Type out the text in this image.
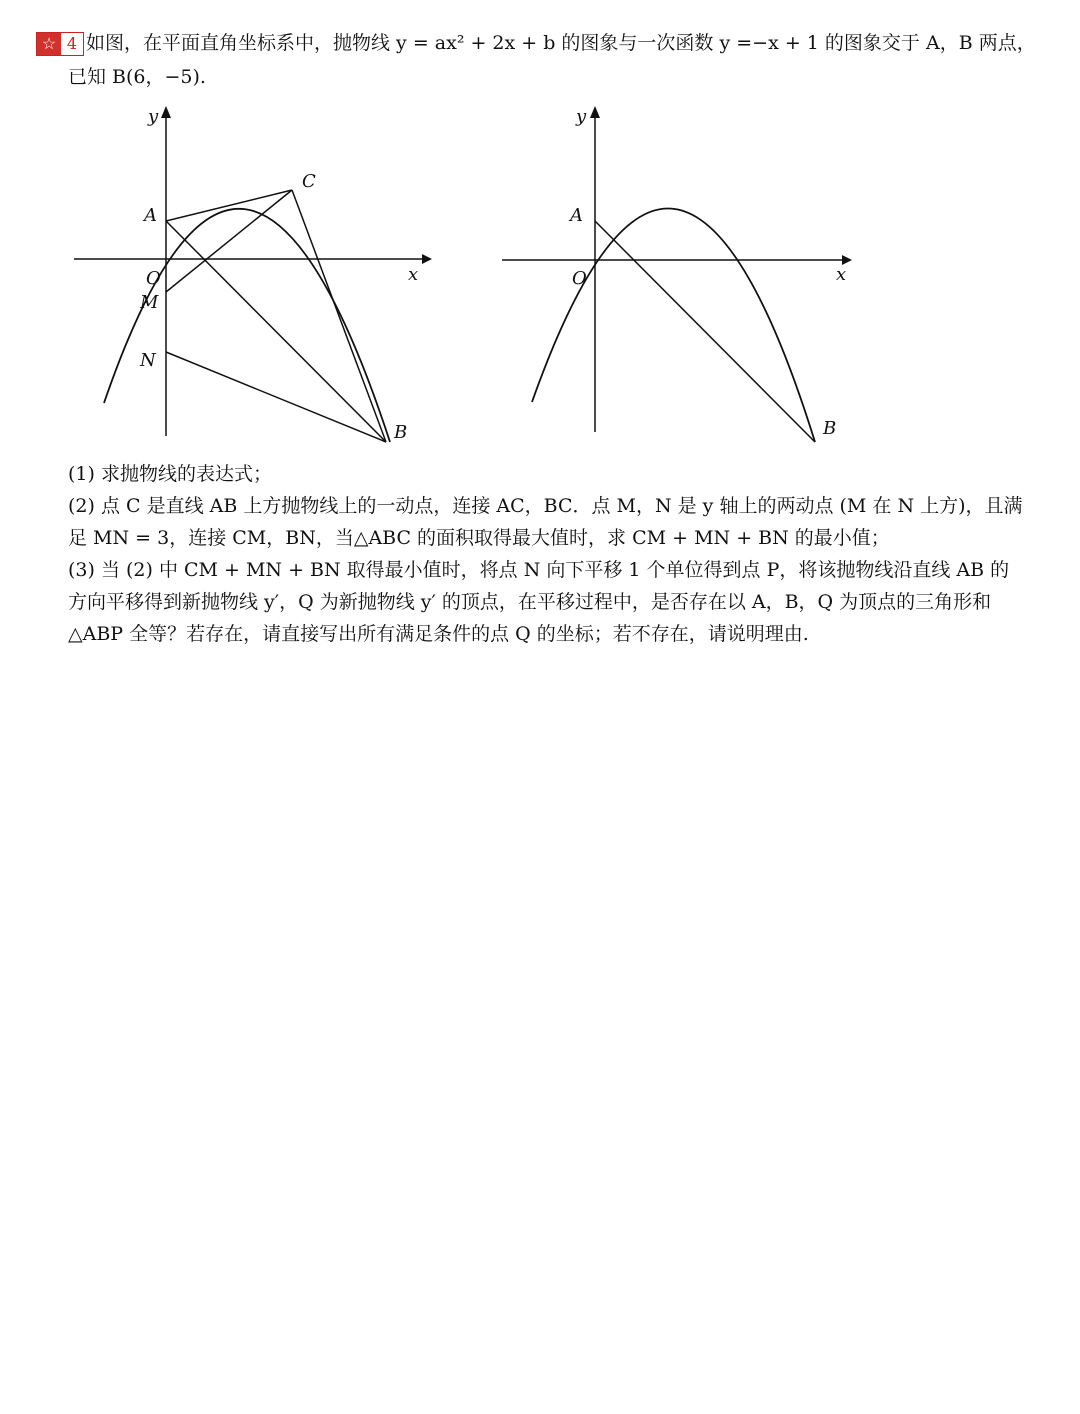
☆ 4 如图，在平面直角坐标系中，抛物线 y = ax² + 2x + b 的图象与一次函数 y =−x + 1 的图象交于 A，B 两点，
已知 B(6，−5).
y
x
O
A
C
M
N
B
y
x
O
A
B
(1) 求抛物线的表达式；
(2) 点 C 是直线 AB 上方抛物线上的一动点，连接 AC，BC．点 M，N 是 y 轴上的两动点 (M 在 N 上方)，且满足 MN = 3，连接 CM，BN，当△ABC 的面积取得最大值时，求 CM + MN + BN 的最小值；
(3) 当 (2) 中 CM + MN + BN 取得最小值时，将点 N 向下平移 1 个单位得到点 P，将该抛物线沿直线 AB 的方向平移得到新抛物线 y′，Q 为新抛物线 y′ 的顶点，在平移过程中，是否存在以 A，B，Q 为顶点的三角形和△ABP 全等？若存在，请直接写出所有满足条件的点 Q 的坐标；若不存在，请说明理由.
